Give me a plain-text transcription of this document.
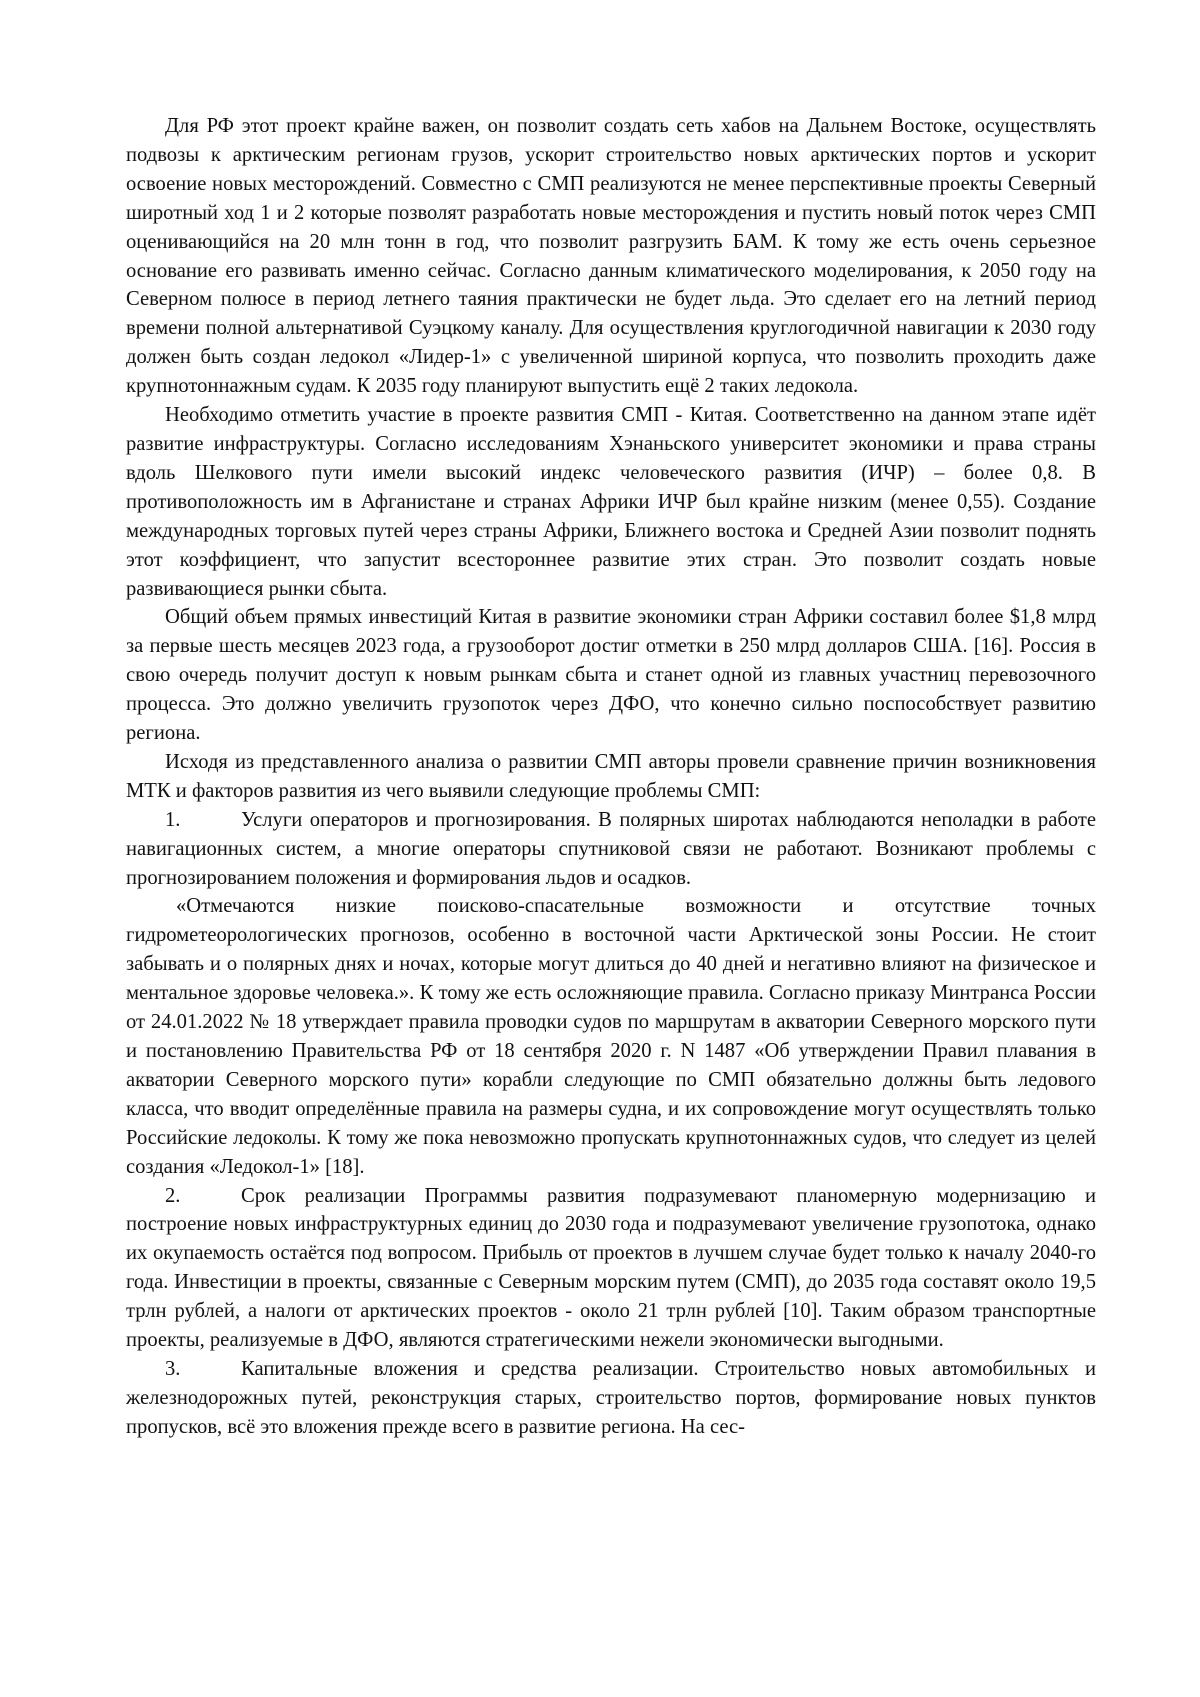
Для РФ этот проект крайне важен, он позволит создать сеть хабов на Дальнем Востоке, осуществлять подвозы к арктическим регионам грузов, ускорит строительство новых арктических портов и ускорит освоение новых месторождений. Совместно с СМП реализуются не менее перспективные проекты Северный широтный ход 1 и 2 которые позволят разработать новые месторождения и пустить новый поток через СМП оценивающийся на 20 млн тонн в год, что позволит разгрузить БАМ. К тому же есть очень серьезное основание его развивать именно сейчас. Согласно данным климатического моделирования, к 2050 году на Северном полюсе в период летнего таяния практически не будет льда. Это сделает его на летний период времени полной альтернативой Суэцкому каналу. Для осуществления круглогодичной навигации к 2030 году должен быть создан ледокол «Лидер-1» с увеличенной шириной корпуса, что позволить проходить даже крупнотоннажным судам. К 2035 году планируют выпустить ещё 2 таких ледокола.

Необходимо отметить участие в проекте развития СМП - Китая. Соответственно на данном этапе идёт развитие инфраструктуры. Согласно исследованиям Хэнаньского университет экономики и права страны вдоль Шелкового пути имели высокий индекс человеческого развития (ИЧР) – более 0,8. В противоположность им в Афганистане и странах Африки ИЧР был крайне низким (менее 0,55). Создание международных торговых путей через страны Африки, Ближнего востока и Средней Азии позволит поднять этот коэффициент, что запустит всестороннее развитие этих стран. Это позволит создать новые развивающиеся рынки сбыта.

Общий объем прямых инвестиций Китая в развитие экономики стран Африки составил более $1,8 млрд за первые шесть месяцев 2023 года, а грузооборот достиг отметки в 250 млрд долларов США. [16]. Россия в свою очередь получит доступ к новым рынкам сбыта и станет одной из главных участниц перевозочного процесса. Это должно увеличить грузопоток через ДФО, что конечно сильно поспособствует развитию региона.

Исходя из представленного анализа о развитии СМП авторы провели сравнение причин возникновения МТК и факторов развития из чего выявили следующие проблемы СМП:

1.	Услуги операторов и прогнозирования. В полярных широтах наблюдаются неполадки в работе навигационных систем, а многие операторы спутниковой связи не работают. Возникают проблемы с прогнозированием положения и формирования льдов и осадков.

«Отмечаются низкие поисково-спасательные возможности и отсутствие точных гидрометеорологических прогнозов, особенно в восточной части Арктической зоны России. Не стоит забывать и о полярных днях и ночах, которые могут длиться до 40 дней и негативно влияют на физическое и ментальное здоровье человека.». К тому же есть осложняющие правила. Согласно приказу Минтранса России от 24.01.2022 № 18 утверждает правила проводки судов по маршрутам в акватории Северного морского пути и постановлению Правительства РФ от 18 сентября 2020 г. N 1487 «Об утверждении Правил плавания в акватории Северного морского пути» корабли следующие по СМП обязательно должны быть ледового класса, что вводит определённые правила на размеры судна, и их сопровождение могут осуществлять только Российские ледоколы. К тому же пока невозможно пропускать крупнотоннажных судов, что следует из целей создания «Ледокол-1» [18].

2.	Срок реализации Программы развития подразумевают планомерную модернизацию и построение новых инфраструктурных единиц до 2030 года и подразумевают увеличение грузопотока, однако их окупаемость остаётся под вопросом. Прибыль от проектов в лучшем случае будет только к началу 2040-го года. Инвестиции в проекты, связанные с Северным морским путем (СМП), до 2035 года составят около 19,5 трлн рублей, а налоги от арктических проектов - около 21 трлн рублей [10]. Таким образом транспортные проекты, реализуемые в ДФО, являются стратегическими нежели экономически выгодными.

3.	Капитальные вложения и средства реализации. Строительство новых автомобильных и железнодорожных путей, реконструкция старых, строительство портов, формирование новых пунктов пропусков, всё это вложения прежде всего в развитие региона. На сес-
